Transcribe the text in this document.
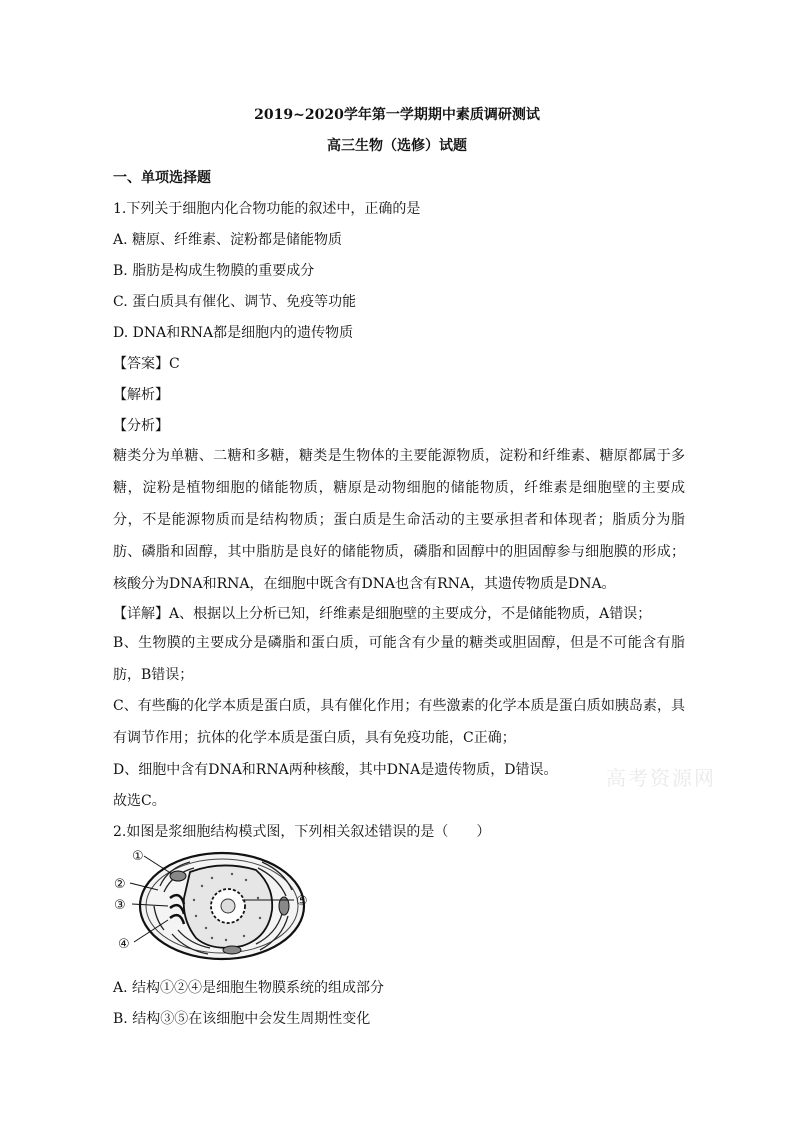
2019~2020学年第一学期期中素质调研测试
高三生物（选修）试题
一、单项选择题
1.下列关于细胞内化合物功能的叙述中，正确的是
A. 糖原、纤维素、淀粉都是储能物质
B. 脂肪是构成生物膜的重要成分
C. 蛋白质具有催化、调节、免疫等功能
D. DNA和RNA都是细胞内的遗传物质
【答案】C
【解析】
【分析】
糖类分为单糖、二糖和多糖，糖类是生物体的主要能源物质，淀粉和纤维素、糖原都属于多糖，淀粉是植物细胞的储能物质，糖原是动物细胞的储能物质，纤维素是细胞壁的主要成分，不是能源物质而是结构物质；蛋白质是生命活动的主要承担者和体现者；脂质分为脂肪、磷脂和固醇，其中脂肪是良好的储能物质，磷脂和固醇中的胆固醇参与细胞膜的形成；核酸分为DNA和RNA，在细胞中既含有DNA也含有RNA，其遗传物质是DNA。
【详解】A、根据以上分析已知，纤维素是细胞壁的主要成分，不是储能物质，A错误；
B、生物膜的主要成分是磷脂和蛋白质，可能含有少量的糖类或胆固醇，但是不可能含有脂肪，B错误；
C、有些酶的化学本质是蛋白质，具有催化作用；有些激素的化学本质是蛋白质如胰岛素，具有调节作用；抗体的化学本质是蛋白质，具有免疫功能，C正确；
D、细胞中含有DNA和RNA两种核酸，其中DNA是遗传物质，D错误。
故选C。
高考资源网
2.如图是浆细胞结构模式图，下列相关叙述错误的是（　　）
①
②
③
④
⑤
A. 结构①②④是细胞生物膜系统的组成部分
B. 结构③⑤在该细胞中会发生周期性变化
